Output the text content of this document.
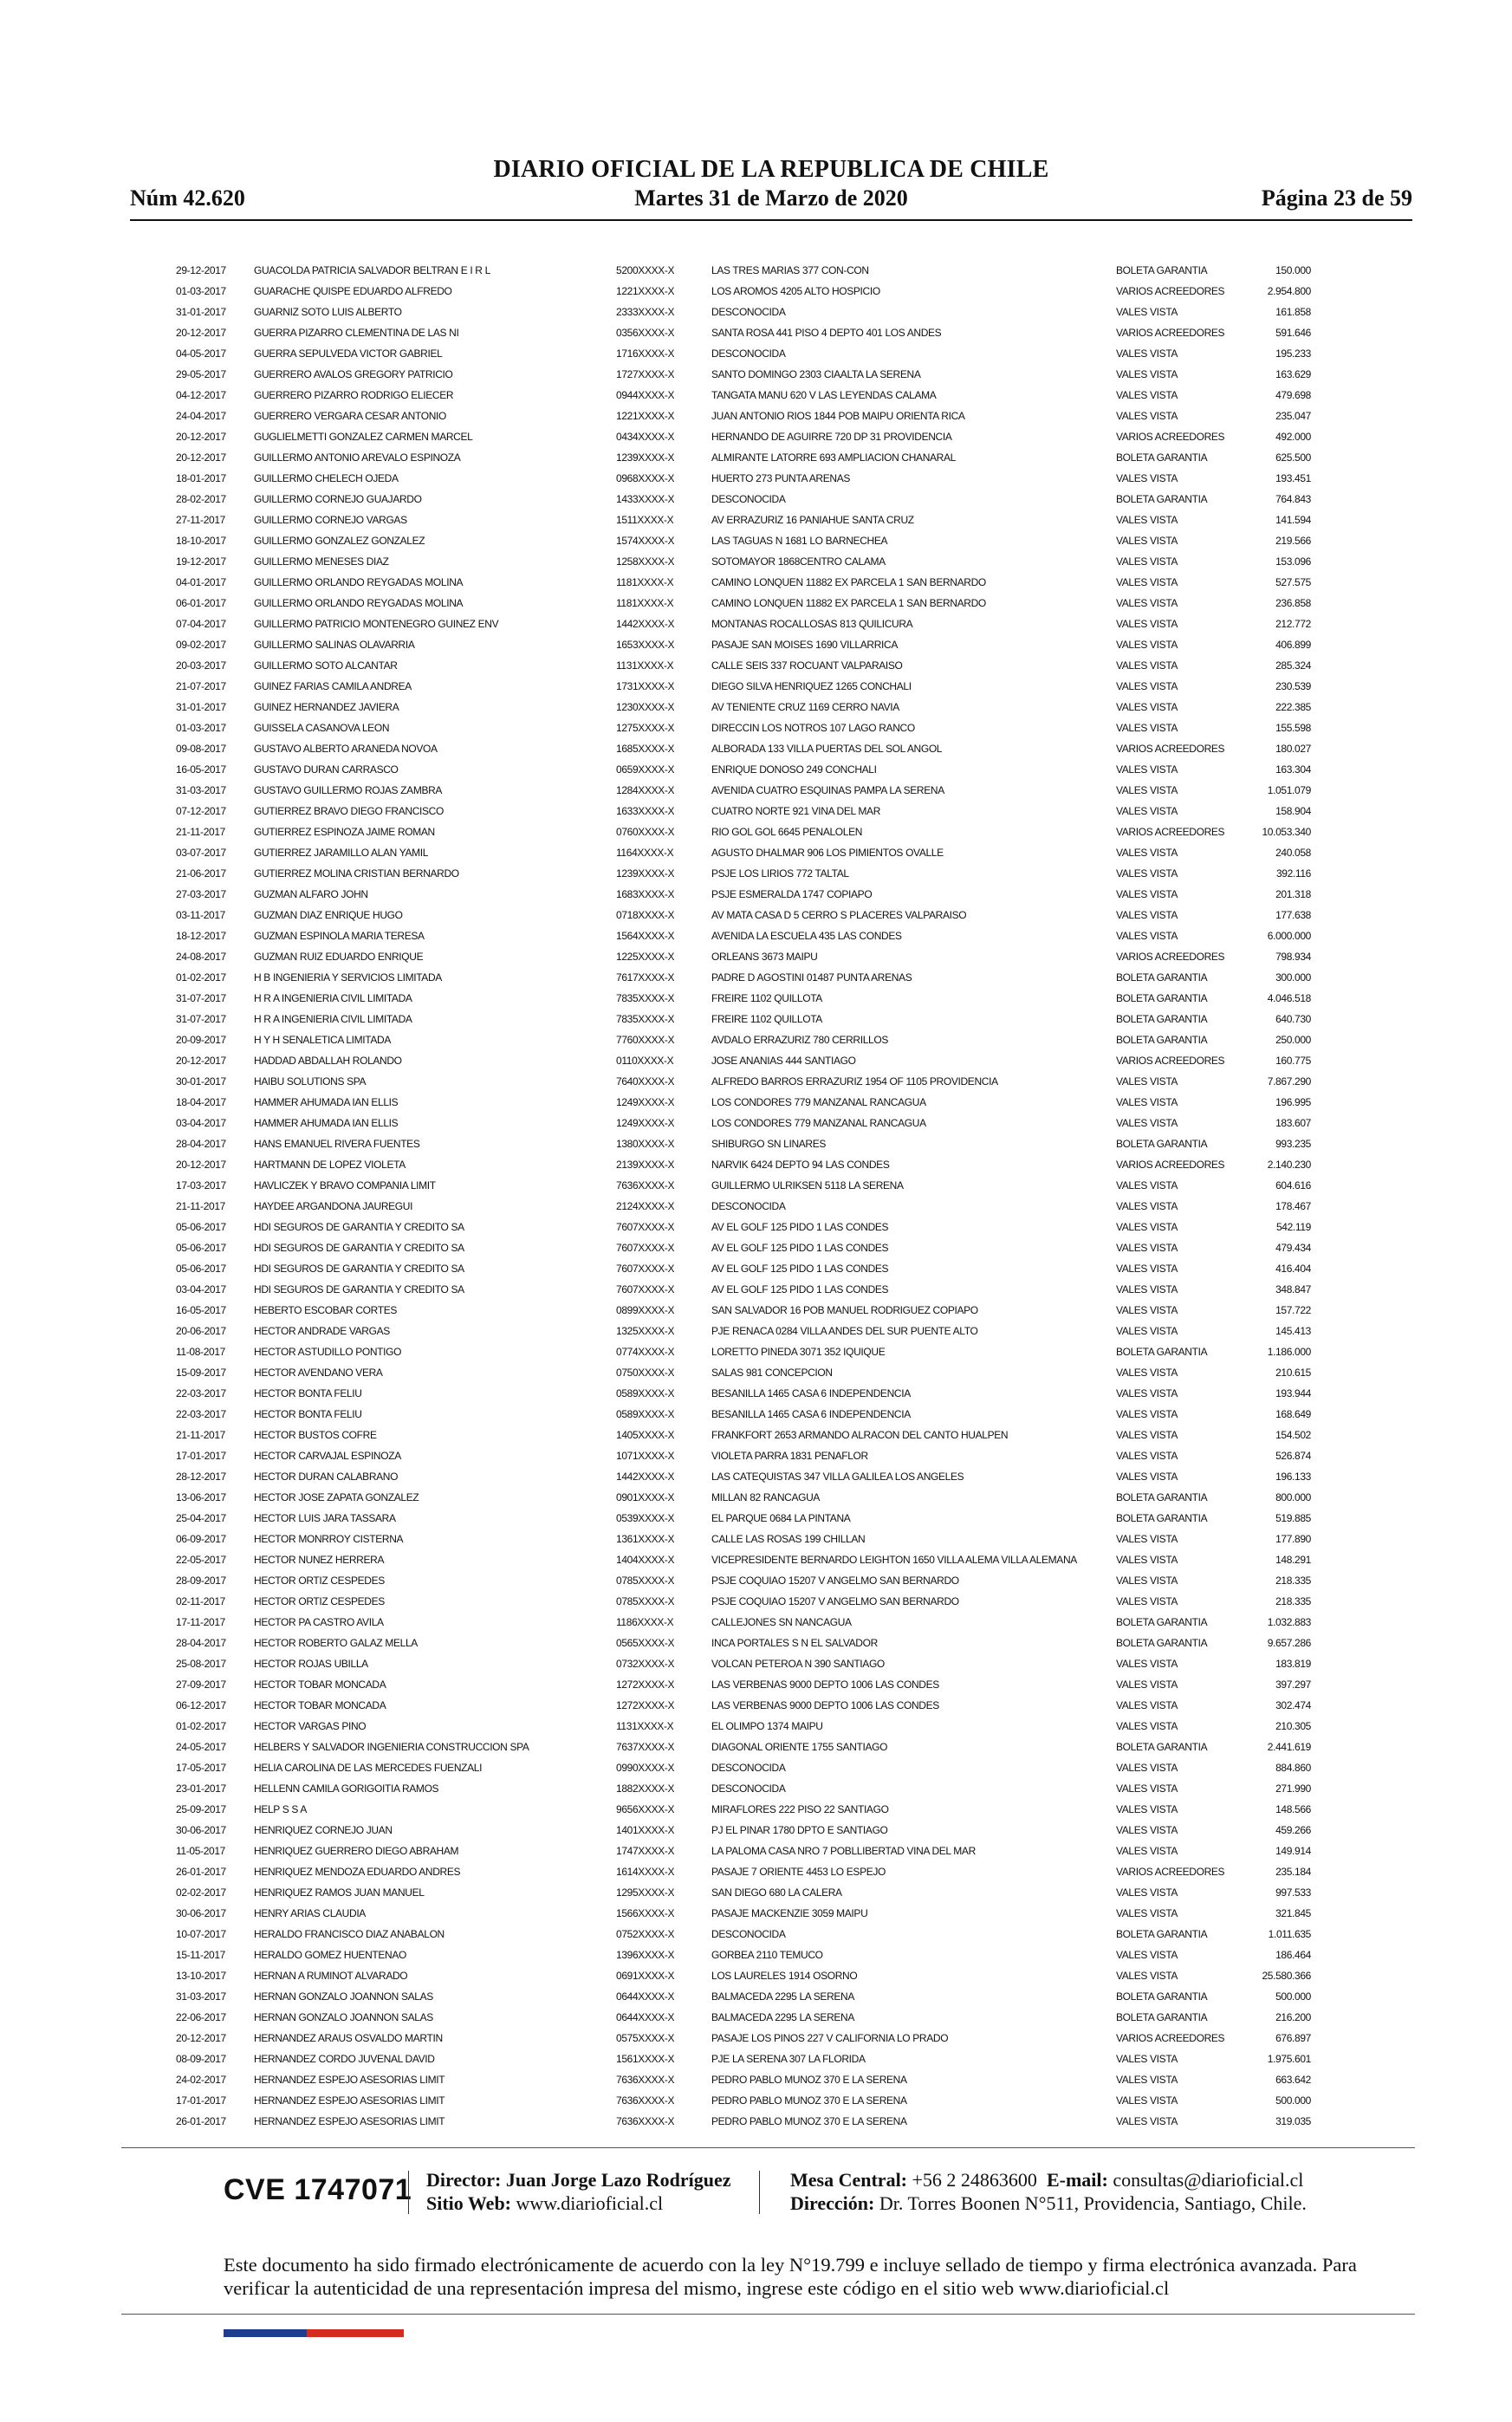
DIARIO OFICIAL DE LA REPUBLICA DE CHILE
Núm 42.620	Martes 31 de Marzo de 2020	Página 23 de 59
29-12-2017	GUACOLDA PATRICIA SALVADOR BELTRAN E I R L	5200XXXX-X	LAS TRES MARIAS 377 CON-CON	BOLETA GARANTIA	150.000
01-03-2017	GUARACHE QUISPE EDUARDO ALFREDO	1221XXXX-X	LOS AROMOS 4205 ALTO HOSPICIO	VARIOS ACREEDORES	2.954.800
31-01-2017	GUARNIZ SOTO LUIS ALBERTO	2333XXXX-X	DESCONOCIDA	VALES VISTA	161.858
20-12-2017	GUERRA PIZARRO CLEMENTINA DE LAS NI	0356XXXX-X	SANTA ROSA 441 PISO 4 DEPTO 401 LOS ANDES	VARIOS ACREEDORES	591.646
04-05-2017	GUERRA SEPULVEDA VICTOR GABRIEL	1716XXXX-X	DESCONOCIDA	VALES VISTA	195.233
29-05-2017	GUERRERO AVALOS GREGORY PATRICIO	1727XXXX-X	SANTO DOMINGO 2303 CIAALTA LA SERENA	VALES VISTA	163.629
04-12-2017	GUERRERO PIZARRO RODRIGO ELIECER	0944XXXX-X	TANGATA MANU 620 V LAS LEYENDAS CALAMA	VALES VISTA	479.698
24-04-2017	GUERRERO VERGARA CESAR ANTONIO	1221XXXX-X	JUAN ANTONIO RIOS 1844 POB MAIPU ORIENTA RICA	VALES VISTA	235.047
20-12-2017	GUGLIELMETTI GONZALEZ CARMEN MARCEL	0434XXXX-X	HERNANDO DE AGUIRRE 720 DP 31 PROVIDENCIA	VARIOS ACREEDORES	492.000
20-12-2017	GUILLERMO ANTONIO AREVALO ESPINOZA	1239XXXX-X	ALMIRANTE LATORRE 693 AMPLIACION CHANARAL	BOLETA GARANTIA	625.500
18-01-2017	GUILLERMO CHELECH OJEDA	0968XXXX-X	HUERTO 273 PUNTA ARENAS	VALES VISTA	193.451
28-02-2017	GUILLERMO CORNEJO GUAJARDO	1433XXXX-X	DESCONOCIDA	BOLETA GARANTIA	764.843
27-11-2017	GUILLERMO CORNEJO VARGAS	1511XXXX-X	AV ERRAZURIZ 16 PANIAHUE SANTA CRUZ	VALES VISTA	141.594
18-10-2017	GUILLERMO GONZALEZ GONZALEZ	1574XXXX-X	LAS TAGUAS N 1681 LO BARNECHEA	VALES VISTA	219.566
19-12-2017	GUILLERMO MENESES DIAZ	1258XXXX-X	SOTOMAYOR 1868CENTRO CALAMA	VALES VISTA	153.096
04-01-2017	GUILLERMO ORLANDO REYGADAS MOLINA	1181XXXX-X	CAMINO LONQUEN 11882 EX PARCELA 1 SAN BERNARDO	VALES VISTA	527.575
06-01-2017	GUILLERMO ORLANDO REYGADAS MOLINA	1181XXXX-X	CAMINO LONQUEN 11882 EX PARCELA 1 SAN BERNARDO	VALES VISTA	236.858
07-04-2017	GUILLERMO PATRICIO MONTENEGRO GUINEZ ENV	1442XXXX-X	MONTANAS ROCALLOSAS 813 QUILICURA	VALES VISTA	212.772
09-02-2017	GUILLERMO SALINAS OLAVARRIA	1653XXXX-X	PASAJE SAN MOISES 1690 VILLARRICA	VALES VISTA	406.899
20-03-2017	GUILLERMO SOTO ALCANTAR	1131XXXX-X	CALLE SEIS 337 ROCUANT VALPARAISO	VALES VISTA	285.324
21-07-2017	GUINEZ FARIAS CAMILA ANDREA	1731XXXX-X	DIEGO SILVA HENRIQUEZ 1265 CONCHALI	VALES VISTA	230.539
31-01-2017	GUINEZ HERNANDEZ JAVIERA	1230XXXX-X	AV TENIENTE CRUZ 1169 CERRO NAVIA	VALES VISTA	222.385
01-03-2017	GUISSELA CASANOVA LEON	1275XXXX-X	DIRECCIN LOS NOTROS 107 LAGO RANCO	VALES VISTA	155.598
09-08-2017	GUSTAVO ALBERTO ARANEDA NOVOA	1685XXXX-X	ALBORADA 133 VILLA PUERTAS DEL SOL ANGOL	VARIOS ACREEDORES	180.027
16-05-2017	GUSTAVO DURAN CARRASCO	0659XXXX-X	ENRIQUE DONOSO 249 CONCHALI	VALES VISTA	163.304
31-03-2017	GUSTAVO GUILLERMO ROJAS ZAMBRA	1284XXXX-X	AVENIDA CUATRO ESQUINAS PAMPA LA SERENA	VALES VISTA	1.051.079
07-12-2017	GUTIERREZ BRAVO DIEGO FRANCISCO	1633XXXX-X	CUATRO NORTE 921 VINA DEL MAR	VALES VISTA	158.904
21-11-2017	GUTIERREZ ESPINOZA JAIME ROMAN	0760XXXX-X	RIO GOL GOL 6645 PENALOLEN	VARIOS ACREEDORES	10.053.340
03-07-2017	GUTIERREZ JARAMILLO ALAN YAMIL	1164XXXX-X	AGUSTO DHALMAR 906 LOS PIMIENTOS OVALLE	VALES VISTA	240.058
21-06-2017	GUTIERREZ MOLINA CRISTIAN BERNARDO	1239XXXX-X	PSJE LOS LIRIOS 772 TALTAL	VALES VISTA	392.116
27-03-2017	GUZMAN ALFARO JOHN	1683XXXX-X	PSJE ESMERALDA 1747 COPIAPO	VALES VISTA	201.318
03-11-2017	GUZMAN DIAZ ENRIQUE HUGO	0718XXXX-X	AV MATA CASA D 5 CERRO S PLACERES VALPARAISO	VALES VISTA	177.638
18-12-2017	GUZMAN ESPINOLA MARIA TERESA	1564XXXX-X	AVENIDA LA ESCUELA 435 LAS CONDES	VALES VISTA	6.000.000
24-08-2017	GUZMAN RUIZ EDUARDO ENRIQUE	1225XXXX-X	ORLEANS 3673 MAIPU	VARIOS ACREEDORES	798.934
01-02-2017	H B INGENIERIA Y SERVICIOS LIMITADA	7617XXXX-X	PADRE D AGOSTINI 01487 PUNTA ARENAS	BOLETA GARANTIA	300.000
31-07-2017	H R A INGENIERIA CIVIL LIMITADA	7835XXXX-X	FREIRE 1102 QUILLOTA	BOLETA GARANTIA	4.046.518
31-07-2017	H R A INGENIERIA CIVIL LIMITADA	7835XXXX-X	FREIRE 1102 QUILLOTA	BOLETA GARANTIA	640.730
20-09-2017	H Y H SENALETICA LIMITADA	7760XXXX-X	AVDALO ERRAZURIZ 780 CERRILLOS	BOLETA GARANTIA	250.000
20-12-2017	HADDAD ABDALLAH ROLANDO	0110XXXX-X	JOSE ANANIAS 444 SANTIAGO	VARIOS ACREEDORES	160.775
30-01-2017	HAIBU SOLUTIONS SPA	7640XXXX-X	ALFREDO BARROS ERRAZURIZ 1954 OF 1105 PROVIDENCIA	VALES VISTA	7.867.290
18-04-2017	HAMMER AHUMADA IAN ELLIS	1249XXXX-X	LOS CONDORES 779 MANZANAL RANCAGUA	VALES VISTA	196.995
03-04-2017	HAMMER AHUMADA IAN ELLIS	1249XXXX-X	LOS CONDORES 779 MANZANAL RANCAGUA	VALES VISTA	183.607
28-04-2017	HANS EMANUEL RIVERA FUENTES	1380XXXX-X	SHIBURGO SN LINARES	BOLETA GARANTIA	993.235
20-12-2017	HARTMANN DE LOPEZ VIOLETA	2139XXXX-X	NARVIK 6424 DEPTO 94 LAS CONDES	VARIOS ACREEDORES	2.140.230
17-03-2017	HAVLICZEK Y BRAVO COMPANIA LIMIT	7636XXXX-X	GUILLERMO ULRIKSEN 5118 LA SERENA	VALES VISTA	604.616
21-11-2017	HAYDEE ARGANDONA JAUREGUI	2124XXXX-X	DESCONOCIDA	VALES VISTA	178.467
05-06-2017	HDI SEGUROS DE GARANTIA Y CREDITO SA	7607XXXX-X	AV EL GOLF 125 PIDO 1 LAS CONDES	VALES VISTA	542.119
05-06-2017	HDI SEGUROS DE GARANTIA Y CREDITO SA	7607XXXX-X	AV EL GOLF 125 PIDO 1 LAS CONDES	VALES VISTA	479.434
05-06-2017	HDI SEGUROS DE GARANTIA Y CREDITO SA	7607XXXX-X	AV EL GOLF 125 PIDO 1 LAS CONDES	VALES VISTA	416.404
03-04-2017	HDI SEGUROS DE GARANTIA Y CREDITO SA	7607XXXX-X	AV EL GOLF 125 PIDO 1 LAS CONDES	VALES VISTA	348.847
16-05-2017	HEBERTO ESCOBAR CORTES	0899XXXX-X	SAN SALVADOR 16 POB MANUEL RODRIGUEZ COPIAPO	VALES VISTA	157.722
20-06-2017	HECTOR ANDRADE VARGAS	1325XXXX-X	PJE RENACA 0284 VILLA ANDES DEL SUR PUENTE ALTO	VALES VISTA	145.413
11-08-2017	HECTOR ASTUDILLO PONTIGO	0774XXXX-X	LORETTO PINEDA 3071 352 IQUIQUE	BOLETA GARANTIA	1.186.000
15-09-2017	HECTOR AVENDANO VERA	0750XXXX-X	SALAS 981 CONCEPCION	VALES VISTA	210.615
22-03-2017	HECTOR BONTA FELIU	0589XXXX-X	BESANILLA 1465 CASA 6 INDEPENDENCIA	VALES VISTA	193.944
22-03-2017	HECTOR BONTA FELIU	0589XXXX-X	BESANILLA 1465 CASA 6 INDEPENDENCIA	VALES VISTA	168.649
21-11-2017	HECTOR BUSTOS COFRE	1405XXXX-X	FRANKFORT 2653 ARMANDO ALRACON DEL CANTO HUALPEN	VALES VISTA	154.502
17-01-2017	HECTOR CARVAJAL ESPINOZA	1071XXXX-X	VIOLETA PARRA 1831 PENAFLOR	VALES VISTA	526.874
28-12-2017	HECTOR DURAN CALABRANO	1442XXXX-X	LAS CATEQUISTAS 347 VILLA GALILEA LOS ANGELES	VALES VISTA	196.133
13-06-2017	HECTOR JOSE ZAPATA GONZALEZ	0901XXXX-X	MILLAN 82 RANCAGUA	BOLETA GARANTIA	800.000
25-04-2017	HECTOR LUIS JARA TASSARA	0539XXXX-X	EL PARQUE 0684 LA PINTANA	BOLETA GARANTIA	519.885
06-09-2017	HECTOR MONRROY CISTERNA	1361XXXX-X	CALLE LAS ROSAS 199 CHILLAN	VALES VISTA	177.890
22-05-2017	HECTOR NUNEZ HERRERA	1404XXXX-X	VICEPRESIDENTE BERNARDO LEIGHTON 1650 VILLA ALEMA VILLA ALEMANA	VALES VISTA	148.291
28-09-2017	HECTOR ORTIZ CESPEDES	0785XXXX-X	PSJE COQUIAO 15207 V ANGELMO SAN BERNARDO	VALES VISTA	218.335
02-11-2017	HECTOR ORTIZ CESPEDES	0785XXXX-X	PSJE COQUIAO 15207 V ANGELMO SAN BERNARDO	VALES VISTA	218.335
17-11-2017	HECTOR PA CASTRO AVILA	1186XXXX-X	CALLEJONES SN NANCAGUA	BOLETA GARANTIA	1.032.883
28-04-2017	HECTOR ROBERTO GALAZ MELLA	0565XXXX-X	INCA PORTALES S N EL SALVADOR	BOLETA GARANTIA	9.657.286
25-08-2017	HECTOR ROJAS UBILLA	0732XXXX-X	VOLCAN PETEROA N 390 SANTIAGO	VALES VISTA	183.819
27-09-2017	HECTOR TOBAR MONCADA	1272XXXX-X	LAS VERBENAS 9000 DEPTO 1006 LAS CONDES	VALES VISTA	397.297
06-12-2017	HECTOR TOBAR MONCADA	1272XXXX-X	LAS VERBENAS 9000 DEPTO 1006 LAS CONDES	VALES VISTA	302.474
01-02-2017	HECTOR VARGAS PINO	1131XXXX-X	EL OLIMPO 1374 MAIPU	VALES VISTA	210.305
24-05-2017	HELBERS Y SALVADOR INGENIERIA CONSTRUCCION SPA	7637XXXX-X	DIAGONAL ORIENTE 1755 SANTIAGO	BOLETA GARANTIA	2.441.619
17-05-2017	HELIA CAROLINA DE LAS MERCEDES FUENZALI	0990XXXX-X	DESCONOCIDA	VALES VISTA	884.860
23-01-2017	HELLENN CAMILA GORIGOITIA RAMOS	1882XXXX-X	DESCONOCIDA	VALES VISTA	271.990
25-09-2017	HELP S S A	9656XXXX-X	MIRAFLORES 222 PISO 22 SANTIAGO	VALES VISTA	148.566
30-06-2017	HENRIQUEZ CORNEJO JUAN	1401XXXX-X	PJ EL PINAR 1780 DPTO E SANTIAGO	VALES VISTA	459.266
11-05-2017	HENRIQUEZ GUERRERO DIEGO ABRAHAM	1747XXXX-X	LA PALOMA CASA NRO 7 POBLLIBERTAD VINA DEL MAR	VALES VISTA	149.914
26-01-2017	HENRIQUEZ MENDOZA EDUARDO ANDRES	1614XXXX-X	PASAJE 7 ORIENTE 4453 LO ESPEJO	VARIOS ACREEDORES	235.184
02-02-2017	HENRIQUEZ RAMOS JUAN MANUEL	1295XXXX-X	SAN DIEGO 680 LA CALERA	VALES VISTA	997.533
30-06-2017	HENRY ARIAS CLAUDIA	1566XXXX-X	PASAJE MACKENZIE 3059 MAIPU	VALES VISTA	321.845
10-07-2017	HERALDO FRANCISCO DIAZ ANABALON	0752XXXX-X	DESCONOCIDA	BOLETA GARANTIA	1.011.635
15-11-2017	HERALDO GOMEZ HUENTENAO	1396XXXX-X	GORBEA 2110 TEMUCO	VALES VISTA	186.464
13-10-2017	HERNAN A RUMINOT ALVARADO	0691XXXX-X	LOS LAURELES 1914 OSORNO	VALES VISTA	25.580.366
31-03-2017	HERNAN GONZALO JOANNON SALAS	0644XXXX-X	BALMACEDA 2295 LA SERENA	BOLETA GARANTIA	500.000
22-06-2017	HERNAN GONZALO JOANNON SALAS	0644XXXX-X	BALMACEDA 2295 LA SERENA	BOLETA GARANTIA	216.200
20-12-2017	HERNANDEZ ARAUS OSVALDO MARTIN	0575XXXX-X	PASAJE LOS PINOS 227 V CALIFORNIA LO PRADO	VARIOS ACREEDORES	676.897
08-09-2017	HERNANDEZ CORDO JUVENAL DAVID	1561XXXX-X	PJE LA SERENA 307 LA FLORIDA	VALES VISTA	1.975.601
24-02-2017	HERNANDEZ ESPEJO ASESORIAS LIMIT	7636XXXX-X	PEDRO PABLO MUNOZ 370 E LA SERENA	VALES VISTA	663.642
17-01-2017	HERNANDEZ ESPEJO ASESORIAS LIMIT	7636XXXX-X	PEDRO PABLO MUNOZ 370 E LA SERENA	VALES VISTA	500.000
26-01-2017	HERNANDEZ ESPEJO ASESORIAS LIMIT	7636XXXX-X	PEDRO PABLO MUNOZ 370 E LA SERENA	VALES VISTA	319.035
CVE 1747071 Director: Juan Jorge Lazo Rodríguez
Sitio Web: www.diarioficial.cl
Mesa Central: +56 2 24863600 E-mail: consultas@diarioficial.cl
Dirección: Dr. Torres Boonen N°511, Providencia, Santiago, Chile.
Este documento ha sido firmado electrónicamente de acuerdo con la ley N°19.799 e incluye sellado de tiempo y firma electrónica avanzada. Para verificar la autenticidad de una representación impresa del mismo, ingrese este código en el sitio web www.diarioficial.cl
